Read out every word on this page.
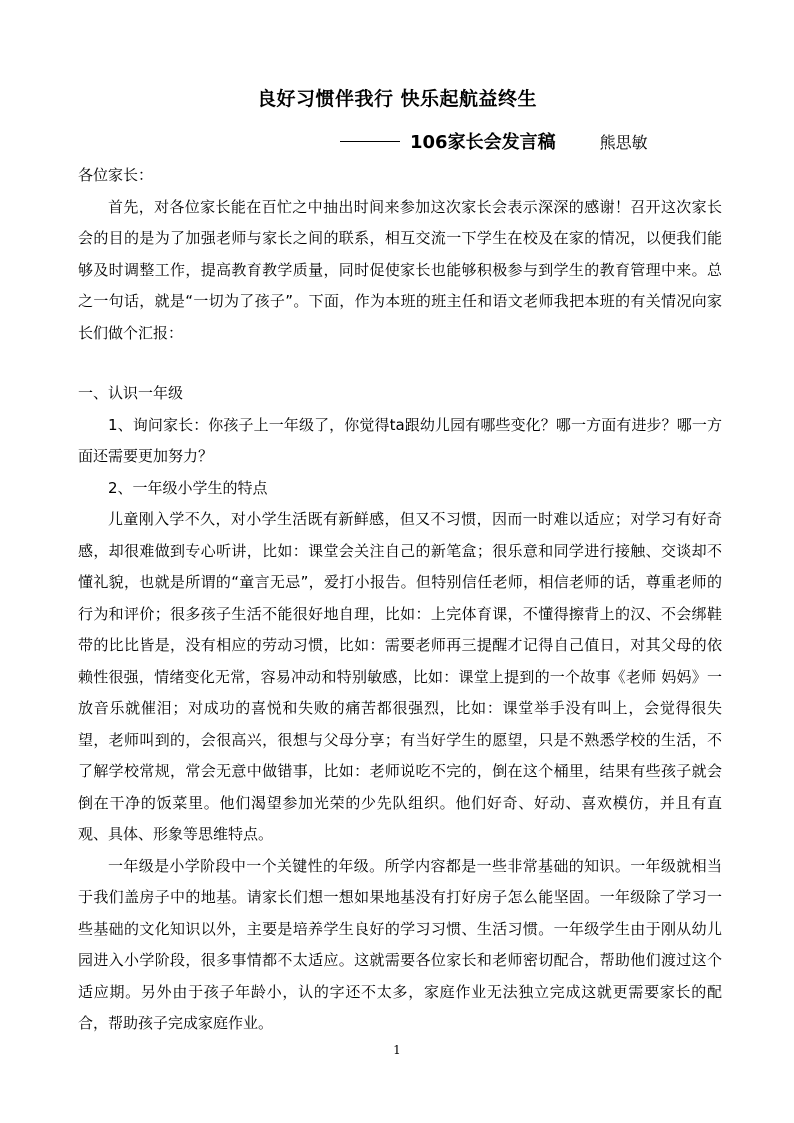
良好习惯伴我行 快乐起航益终生
106家长会发言稿	熊思敏

各位家长：

首先，对各位家长能在百忙之中抽出时间来参加这次家长会表示深深的感谢！召开这次家长会的目的是为了加强老师与家长之间的联系，相互交流一下学生在校及在家的情况，以便我们能够及时调整工作，提高教育教学质量，同时促使家长也能够积极参与到学生的教育管理中来。总之一句话，就是“一切为了孩子”。下面，作为本班的班主任和语文老师我把本班的有关情况向家长们做个汇报：

一、认识一年级

1、询问家长：你孩子上一年级了，你觉得ta跟幼儿园有哪些变化？哪一方面有进步？哪一方面还需要更加努力？

2、一年级小学生的特点

儿童刚入学不久，对小学生活既有新鲜感，但又不习惯，因而一时难以适应；对学习有好奇感，却很难做到专心听讲，比如：课堂会关注自己的新笔盒；很乐意和同学进行接触、交谈却不懂礼貌，也就是所谓的“童言无忌”，爱打小报告。但特别信任老师，相信老师的话，尊重老师的行为和评价；很多孩子生活不能很好地自理，比如：上完体育课，不懂得擦背上的汉、不会绑鞋带的比比皆是，没有相应的劳动习惯，比如：需要老师再三提醒才记得自己值日，对其父母的依赖性很强，情绪变化无常，容易冲动和特别敏感，比如：课堂上提到的一个故事《老师 妈妈》一放音乐就催泪；对成功的喜悦和失败的痛苦都很强烈，比如：课堂举手没有叫上，会觉得很失望，老师叫到的，会很高兴，很想与父母分享；有当好学生的愿望，只是不熟悉学校的生活，不了解学校常规，常会无意中做错事，比如：老师说吃不完的，倒在这个桶里，结果有些孩子就会倒在干净的饭菜里。他们渴望参加光荣的少先队组织。他们好奇、好动、喜欢模仿，并且有直观、具体、形象等思维特点。

一年级是小学阶段中一个关键性的年级。所学内容都是一些非常基础的知识。一年级就相当于我们盖房子中的地基。请家长们想一想如果地基没有打好房子怎么能坚固。一年级除了学习一些基础的文化知识以外，主要是培养学生良好的学习习惯、生活习惯。一年级学生由于刚从幼儿园进入小学阶段，很多事情都不太适应。这就需要各位家长和老师密切配合，帮助他们渡过这个适应期。另外由于孩子年龄小，认的字还不太多，家庭作业无法独立完成这就更需要家长的配合，帮助孩子完成家庭作业。

1
